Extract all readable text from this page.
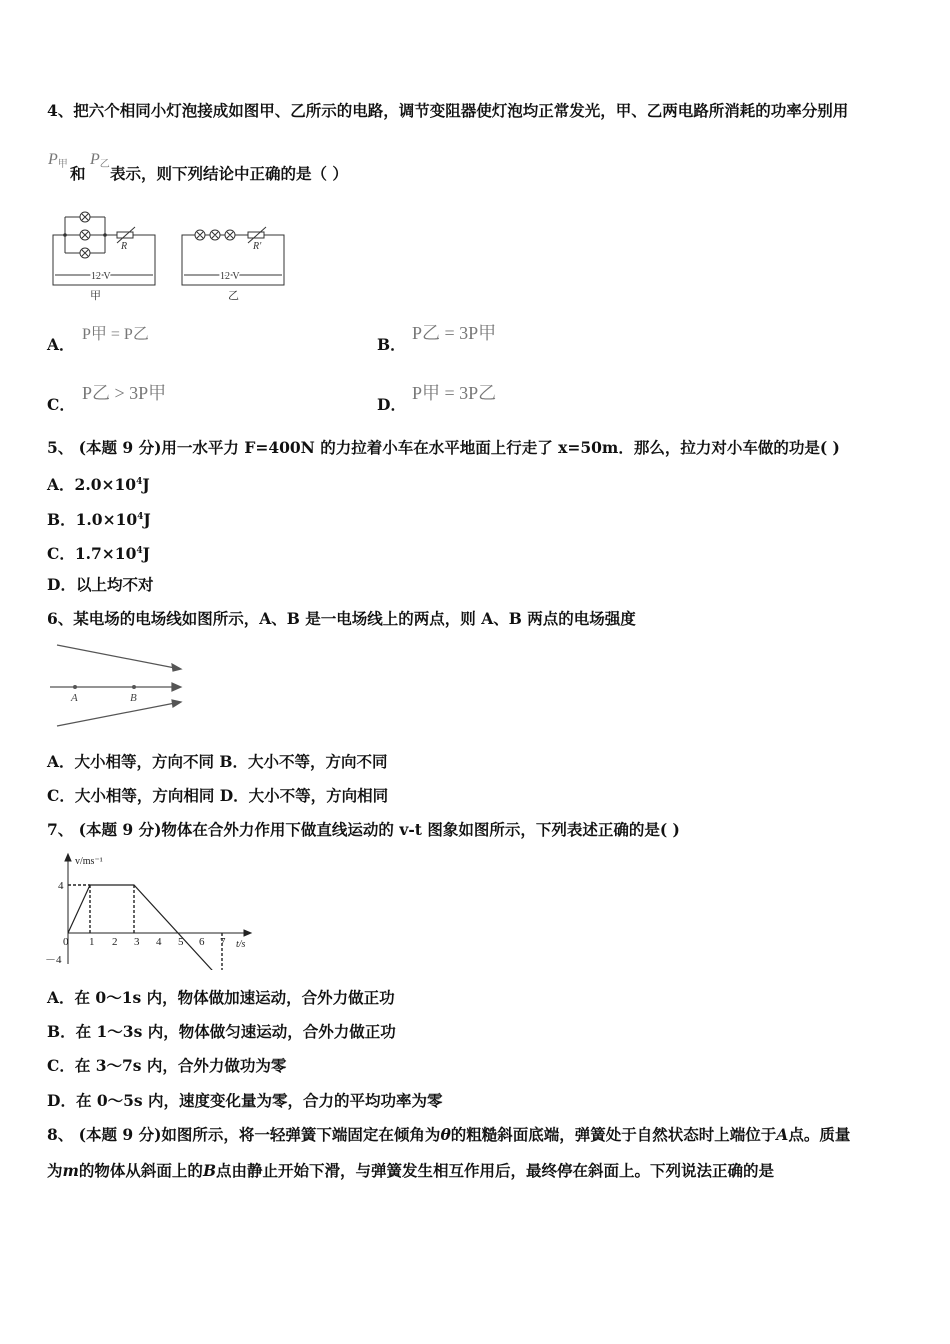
4、把六个相同小灯泡接成如图甲、乙所示的电路，调节变阻器使灯泡均正常发光，甲、乙两电路所消耗的功率分别用
$P_甲$ 和
$P_乙$ 表示，则下列结论中正确的是（ ）
R	R'
12 V	12 V
甲	乙
A．
P甲 = P乙
B．
P乙 = 3P甲
C．
P乙 > 3P甲
D．
P甲 = 3P乙
5、 (本题 9 分)用一水平力 F=400N 的力拉着小车在水平地面上行走了 x=50m．那么，拉力对小车做的功是( )
A．$2.0\times 10^4J$
B．$1.0\times 10^4J$
C．$1.7\times 10^4J$
D．以上均不对
6、某电场的电场线如图所示，A、B 是一电场线上的两点，则 A、B 两点的电场强度
A	B
A．大小相等，方向不同 B．大小不等，方向不同
C．大小相等，方向相同 D．大小不等，方向相同
7、 (本题 9 分)物体在合外力作用下做直线运动的 v-t 图象如图所示，下列表述正确的是( )
v/ms⁻¹
t/s
4
－4
0 1 2 3 4 5 6 7
A．在 0～1s 内，物体做加速运动，合外力做正功
B．在 1～3s 内，物体做匀速运动，合外力做正功
C．在 3～7s 内，合外力做功为零
D．在 0～5s 内，速度变化量为零，合力的平均功率为零
8、 (本题 9 分)如图所示，将一轻弹簧下端固定在倾角为θ的粗糙斜面底端，弹簧处于自然状态时上端位于A点。质量
为m的物体从斜面上的B点由静止开始下滑，与弹簧发生相互作用后，最终停在斜面上。下列说法正确的是
